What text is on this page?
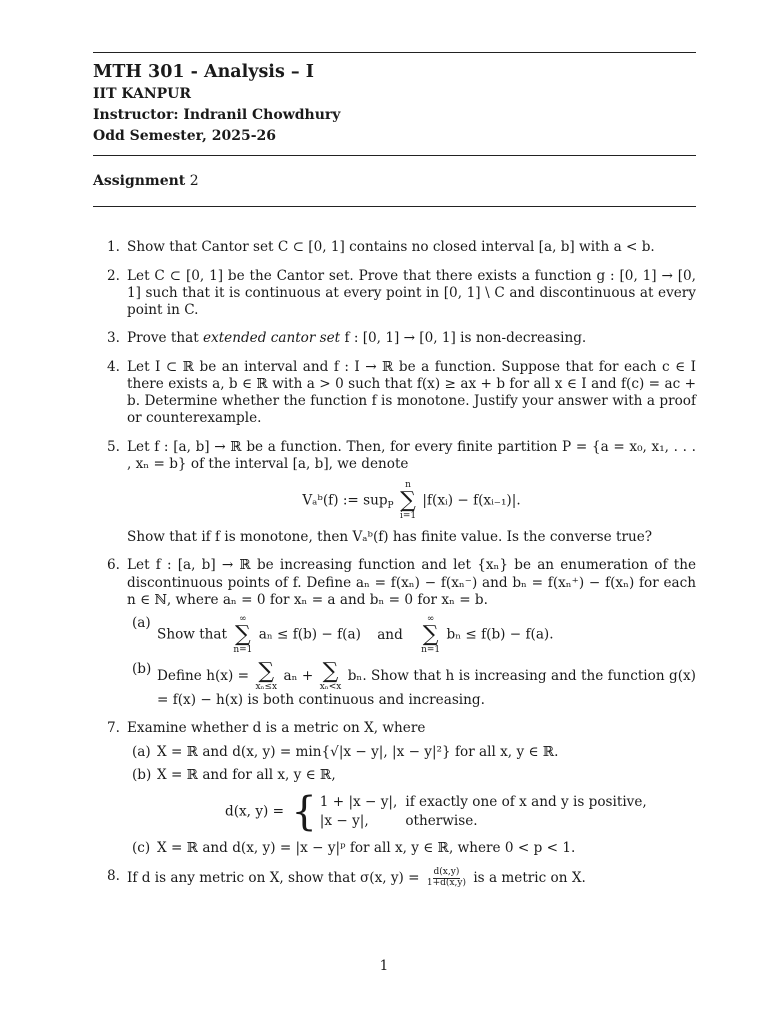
MTH 301 - Analysis – I
IIT KANPUR
Instructor: Indranil Chowdhury
Odd Semester, 2025-26
Assignment 2
1. Show that Cantor set C ⊂ [0, 1] contains no closed interval [a, b] with a < b.
2. Let C ⊂ [0, 1] be the Cantor set. Prove that there exists a function g : [0, 1] → [0, 1] such that it is continuous at every point in [0, 1] \ C and discontinuous at every point in C.
3. Prove that extended cantor set f : [0, 1] → [0, 1] is non-decreasing.
4. Let I ⊂ ℝ be an interval and f : I → ℝ be a function. Suppose that for each c ∈ I there exists a, b ∈ ℝ with a > 0 such that f(x) ≥ ax + b for all x ∈ I and f(c) = ac + b. Determine whether the function f is monotone. Justify your answer with a proof or counterexample.
5. Let f : [a, b] → ℝ be a function. Then, for every finite partition P = {a = x₀, x₁, . . . , xₙ = b} of the interval [a, b], we denote
Vₐᵇ(f) := sup$_P$
n
∑
i=1
|f(xᵢ) − f(xᵢ₋₁)|.
Show that if f is monotone, then Vₐᵇ(f) has finite value. Is the converse true?
6. Let f : [a, b] → ℝ be increasing function and let {xₙ} be an enumeration of the discontinuous points of f. Define aₙ = f(xₙ) − f(xₙ⁻) and bₙ = f(xₙ⁺) − f(xₙ) for each n ∈ ℕ, where aₙ = 0 for xₙ = a and bₙ = 0 for xₙ = b.
(a)
Show that
∞
∑
n=1
aₙ ≤ f(b) − f(a) and
∞
∑
n=1
bₙ ≤ f(b) − f(a).
(b) Define h(x) = ∑
xₙ≤x
aₙ + ∑
xₙ<x
bₙ. Show that h is increasing and the function g(x) = f(x) − h(x) is both continuous and increasing.
7. Examine whether d is a metric on X, where
(a) X = ℝ and d(x, y) = min{√|x − y|, |x − y|²} for all x, y ∈ ℝ.
(b) X = ℝ and for all x, y ∈ ℝ,
d(x, y) = { 1 + |x − y|,	if exactly one of x and y is positive,
|x − y|,	otherwise.
(c) X = ℝ and d(x, y) = |x − y|ᵖ for all x, y ∈ ℝ, where 0 < p < 1.
8. If d is any metric on X, show that σ(x, $y) = \frac{d(x,y)}{1+d(x,y)}$ is a metric on X.
1
